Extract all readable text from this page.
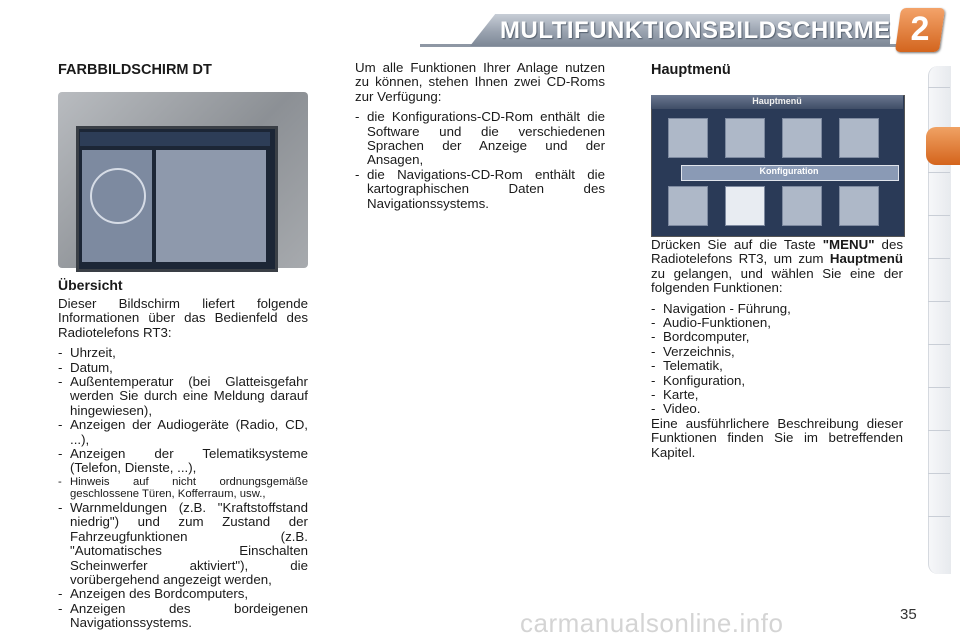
MULTIFUNKTIONSBILDSCHIRME 2
FARBBILDSCHIRM DT
Übersicht

Dieser Bildschirm liefert folgende Informationen über das Bedienfeld des Radiotelefons RT3:

- Uhrzeit,
- Datum,
- Außentemperatur (bei Glatteisgefahr werden Sie durch eine Meldung darauf hingewiesen),
- Anzeigen der Audiogeräte (Radio, CD, ...),
- Anzeigen der Telematiksysteme (Telefon, Dienste, ...),
- Hinweis auf nicht ordnungsgemäße geschlossene Türen, Kofferraum, usw.,
- Warnmeldungen (z.B. "Kraftstoffstand niedrig") und zum Zustand der Fahrzeugfunktionen (z.B. "Automatisches Einschalten Scheinwerfer aktiviert"), die vorübergehend angezeigt werden,
- Anzeigen des Bordcomputers,
- Anzeigen des bordeigenen Navigationssystems.

Um alle Funktionen Ihrer Anlage nutzen zu können, stehen Ihnen zwei CD-Roms zur Verfügung:

- die Konfigurations-CD-Rom enthält die Software und die verschiedenen Sprachen der Anzeige und der Ansagen,
- die Navigations-CD-Rom enthält die kartographischen Daten des Navigationssystems.
Hauptmenü
Hauptmenü
Konfiguration

Drücken Sie auf die Taste "MENU" des Radiotelefons RT3, um zum Hauptmenü zu gelangen, und wählen Sie eine der folgenden Funktionen:

- Navigation - Führung,
- Audio-Funktionen,
- Bordcomputer,
- Verzeichnis,
- Telematik,
- Konfiguration,
- Karte,
- Video.

Eine ausführlichere Beschreibung dieser Funktionen finden Sie im betreffenden Kapitel.

carmanualsonline.info	35
